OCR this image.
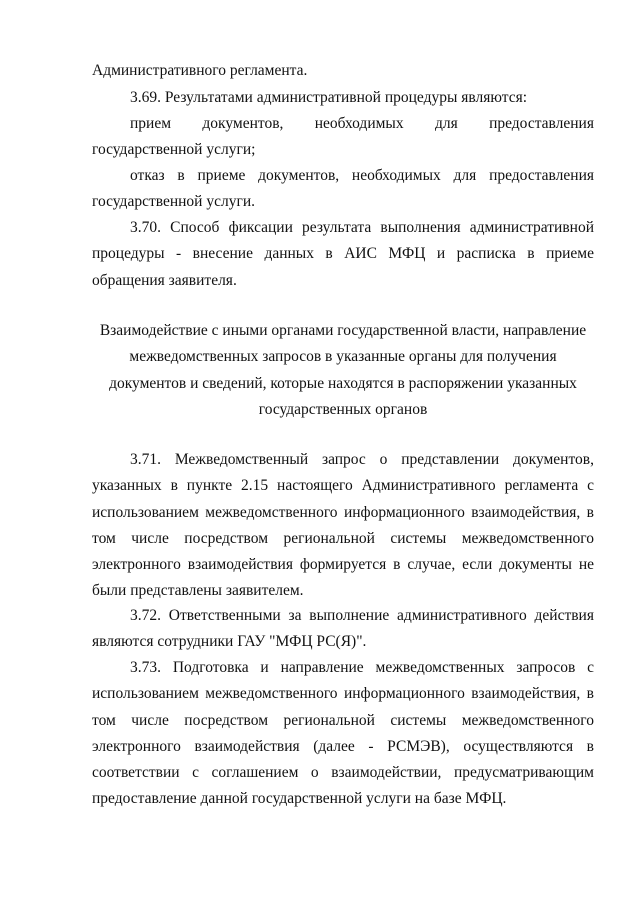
Административного регламента.

3.69. Результатами административной процедуры являются:

прием документов, необходимых для предоставления государственной услуги;

отказ в приеме документов, необходимых для предоставления государственной услуги.

3.70. Способ фиксации результата выполнения административной процедуры - внесение данных в АИС МФЦ и расписка в приеме обращения заявителя.

Взаимодействие с иными органами государственной власти, направление межведомственных запросов в указанные органы для получения документов и сведений, которые находятся в распоряжении указанных государственных органов

3.71. Межведомственный запрос о представлении документов, указанных в пункте 2.15 настоящего Административного регламента с использованием межведомственного информационного взаимодействия, в том числе посредством региональной системы межведомственного электронного взаимодействия формируется в случае, если документы не были представлены заявителем.

3.72. Ответственными за выполнение административного действия являются сотрудники ГАУ "МФЦ РС(Я)".

3.73. Подготовка и направление межведомственных запросов с использованием межведомственного информационного взаимодействия, в том числе посредством региональной системы межведомственного электронного взаимодействия (далее - РСМЭВ), осуществляются в соответствии с соглашением о взаимодействии, предусматривающим предоставление данной государственной услуги на базе МФЦ.
